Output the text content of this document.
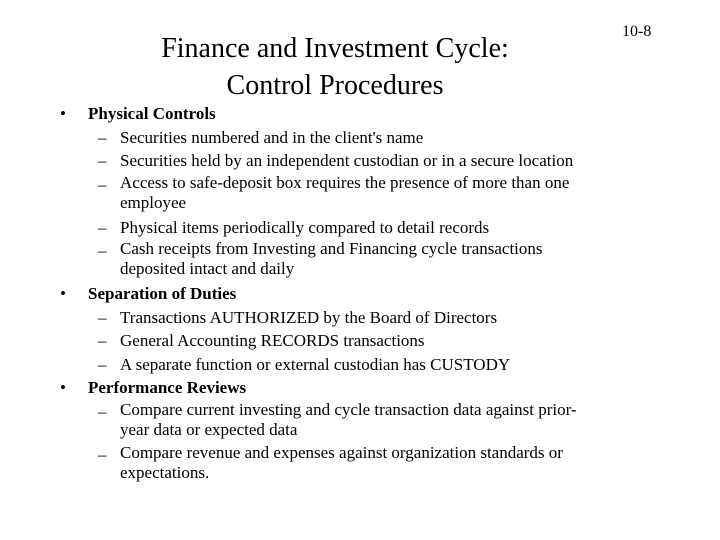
Finance and Investment Cycle:
Control Procedures
10-8
• Physical Controls
– Securities numbered and in the client's name
– Securities held by an independent custodian or in a secure location
– Access to safe-deposit box requires the presence of more than one
employee
– Physical items periodically compared to detail records
– Cash receipts from Investing and Financing cycle transactions
deposited intact and daily
• Separation of Duties
– Transactions AUTHORIZED by the Board of Directors
– General Accounting RECORDS transactions
– A separate function or external custodian has CUSTODY
• Performance Reviews
– Compare current investing and cycle transaction data against prior-
year data or expected data
– Compare revenue and expenses against organization standards or
expectations.
